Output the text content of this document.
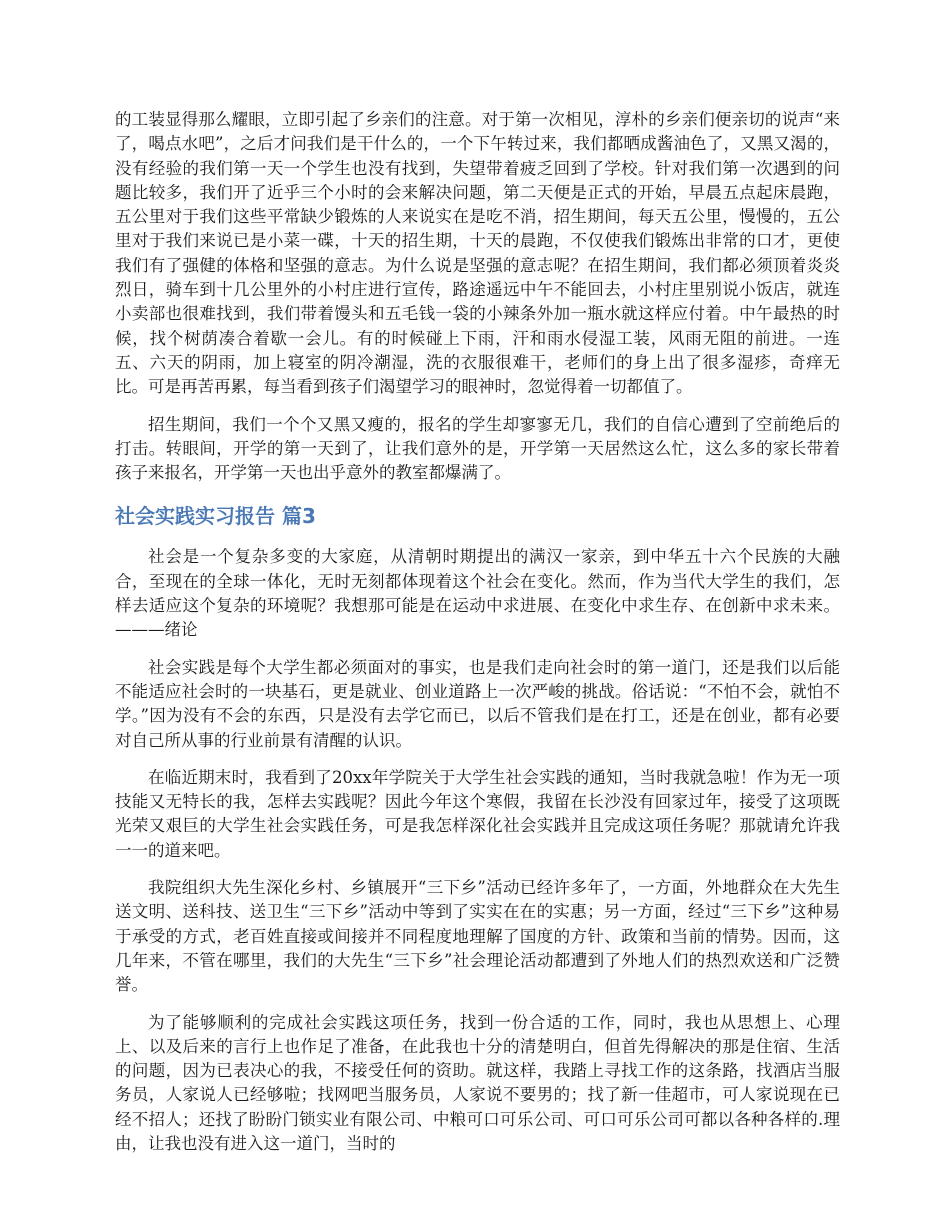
的工装显得那么耀眼，立即引起了乡亲们的注意。对于第一次相见，淳朴的乡亲们便亲切的说声“来了，喝点水吧”，之后才问我们是干什么的，一个下午转过来，我们都晒成酱油色了，又黑又渴的，没有经验的我们第一天一个学生也没有找到，失望带着疲乏回到了学校。针对我们第一次遇到的问题比较多，我们开了近乎三个小时的会来解决问题，第二天便是正式的开始，早晨五点起床晨跑，五公里对于我们这些平常缺少锻炼的人来说实在是吃不消，招生期间，每天五公里，慢慢的，五公里对于我们来说已是小菜一碟，十天的招生期，十天的晨跑，不仅使我们锻炼出非常的口才，更使我们有了强健的体格和坚强的意志。为什么说是坚强的意志呢？在招生期间，我们都必须顶着炎炎烈日，骑车到十几公里外的小村庄进行宣传，路途遥远中午不能回去，小村庄里别说小饭店，就连小卖部也很难找到，我们带着馒头和五毛钱一袋的小辣条外加一瓶水就这样应付着。中午最热的时候，找个树荫凑合着歇一会儿。有的时候碰上下雨，汗和雨水侵湿工装，风雨无阻的前进。一连五、六天的阴雨，加上寝室的阴冷潮湿，洗的衣服很难干，老师们的身上出了很多湿疹，奇痒无比。可是再苦再累，每当看到孩子们渴望学习的眼神时，忽觉得着一切都值了。

招生期间，我们一个个又黑又瘦的，报名的学生却寥寥无几，我们的自信心遭到了空前绝后的打击。转眼间，开学的第一天到了，让我们意外的是，开学第一天居然这么忙，这么多的家长带着孩子来报名，开学第一天也出乎意外的教室都爆满了。

社会实践实习报告 篇3

社会是一个复杂多变的大家庭，从清朝时期提出的满汉一家亲，到中华五十六个民族的大融合，至现在的全球一体化，无时无刻都体现着这个社会在变化。然而，作为当代大学生的我们，怎样去适应这个复杂的环境呢？我想那可能是在运动中求进展、在变化中求生存、在创新中求未来。———绪论

社会实践是每个大学生都必须面对的事实，也是我们走向社会时的第一道门，还是我们以后能不能适应社会时的一块基石，更是就业、创业道路上一次严峻的挑战。俗话说：“不怕不会，就怕不学。”因为没有不会的东西，只是没有去学它而已，以后不管我们是在打工，还是在创业，都有必要对自己所从事的行业前景有清醒的认识。

在临近期末时，我看到了20xx年学院关于大学生社会实践的通知，当时我就急啦！作为无一项技能又无特长的我，怎样去实践呢？因此今年这个寒假，我留在长沙没有回家过年，接受了这项既光荣又艰巨的大学生社会实践任务，可是我怎样深化社会实践并且完成这项任务呢？那就请允许我一一的道来吧。

我院组织大先生深化乡村、乡镇展开“三下乡”活动已经许多年了，一方面，外地群众在大先生送文明、送科技、送卫生“三下乡”活动中等到了实实在在的实惠；另一方面，经过“三下乡”这种易于承受的方式，老百姓直接或间接并不同程度地理解了国度的方针、政策和当前的情势。因而，这几年来，不管在哪里，我们的大先生“三下乡”社会理论活动都遭到了外地人们的热烈欢送和广泛赞誉。

为了能够顺利的完成社会实践这项任务，找到一份合适的工作，同时，我也从思想上、心理上、以及后来的言行上也作足了准备，在此我也十分的清楚明白，但首先得解决的那是住宿、生活的问题，因为已表决心的我，不接受任何的资助。就这样，我踏上寻找工作的这条路，找酒店当服务员，人家说人已经够啦；找网吧当服务员，人家说不要男的；找了新一佳超市，可人家说现在已经不招人；还找了盼盼门锁实业有限公司、中粮可口可乐公司、可口可乐公司可都以各种各样的.理由，让我也没有进入这一道门，当时的
